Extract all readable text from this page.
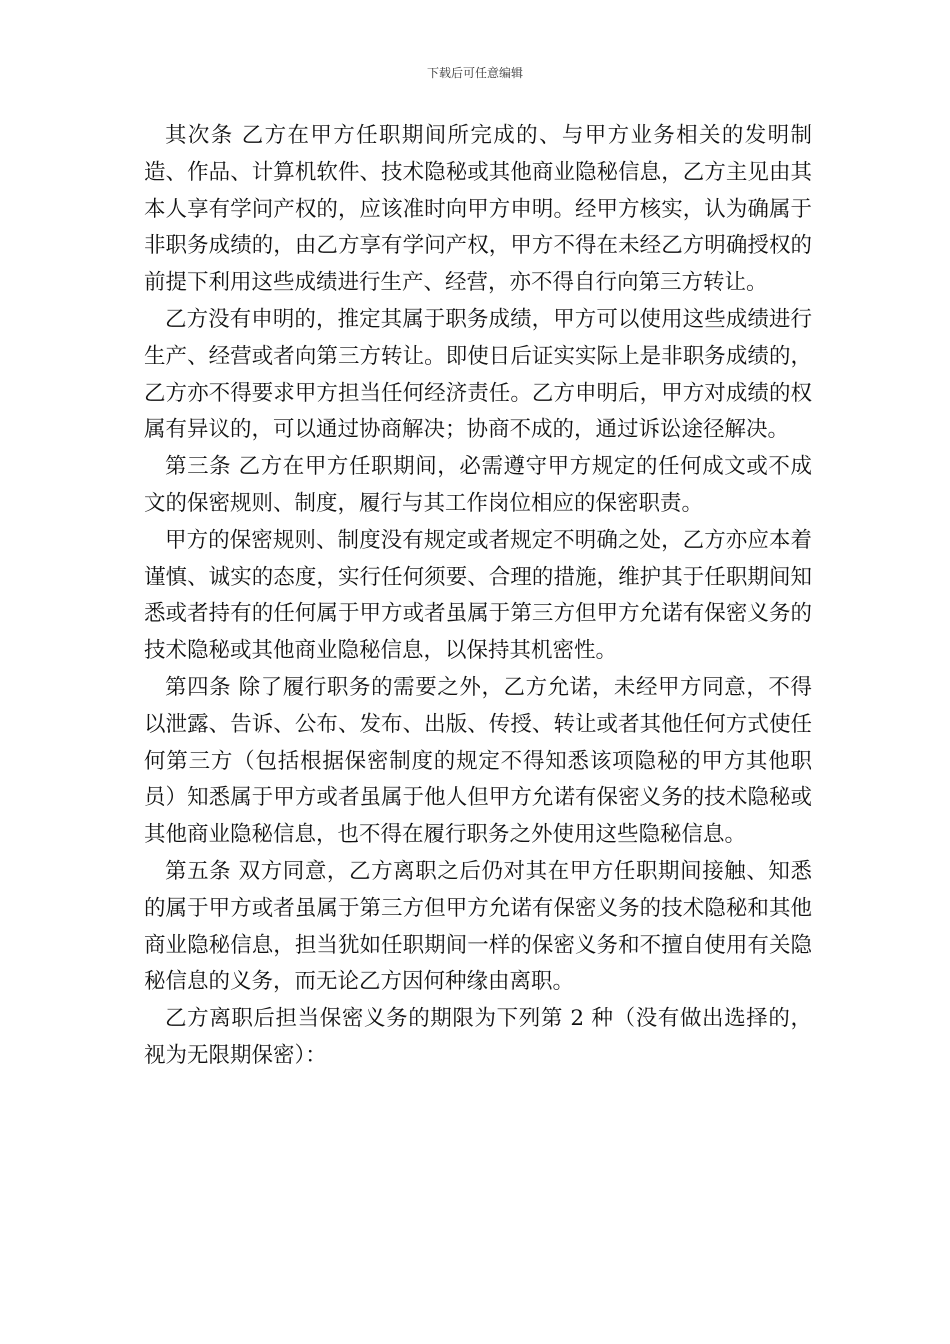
下载后可任意编辑

其次条 乙方在甲方任职期间所完成的、与甲方业务相关的发明制造、作品、计算机软件、技术隐秘或其他商业隐秘信息，乙方主见由其本人享有学问产权的，应该准时向甲方申明。经甲方核实，认为确属于非职务成绩的，由乙方享有学问产权，甲方不得在未经乙方明确授权的前提下利用这些成绩进行生产、经营，亦不得自行向第三方转让。

乙方没有申明的，推定其属于职务成绩，甲方可以使用这些成绩进行生产、经营或者向第三方转让。即使日后证实实际上是非职务成绩的，乙方亦不得要求甲方担当任何经济责任。乙方申明后，甲方对成绩的权属有异议的，可以通过协商解决；协商不成的，通过诉讼途径解决。

第三条 乙方在甲方任职期间，必需遵守甲方规定的任何成文或不成文的保密规则、制度，履行与其工作岗位相应的保密职责。

甲方的保密规则、制度没有规定或者规定不明确之处，乙方亦应本着谨慎、诚实的态度，实行任何须要、合理的措施，维护其于任职期间知悉或者持有的任何属于甲方或者虽属于第三方但甲方允诺有保密义务的技术隐秘或其他商业隐秘信息，以保持其机密性。

第四条 除了履行职务的需要之外，乙方允诺，未经甲方同意，不得以泄露、告诉、公布、发布、出版、传授、转让或者其他任何方式使任何第三方（包括根据保密制度的规定不得知悉该项隐秘的甲方其他职员）知悉属于甲方或者虽属于他人但甲方允诺有保密义务的技术隐秘或其他商业隐秘信息，也不得在履行职务之外使用这些隐秘信息。

第五条 双方同意，乙方离职之后仍对其在甲方任职期间接触、知悉的属于甲方或者虽属于第三方但甲方允诺有保密义务的技术隐秘和其他商业隐秘信息，担当犹如任职期间一样的保密义务和不擅自使用有关隐秘信息的义务，而无论乙方因何种缘由离职。

乙方离职后担当保密义务的期限为下列第 2 种（没有做出选择的，视为无限期保密）：
